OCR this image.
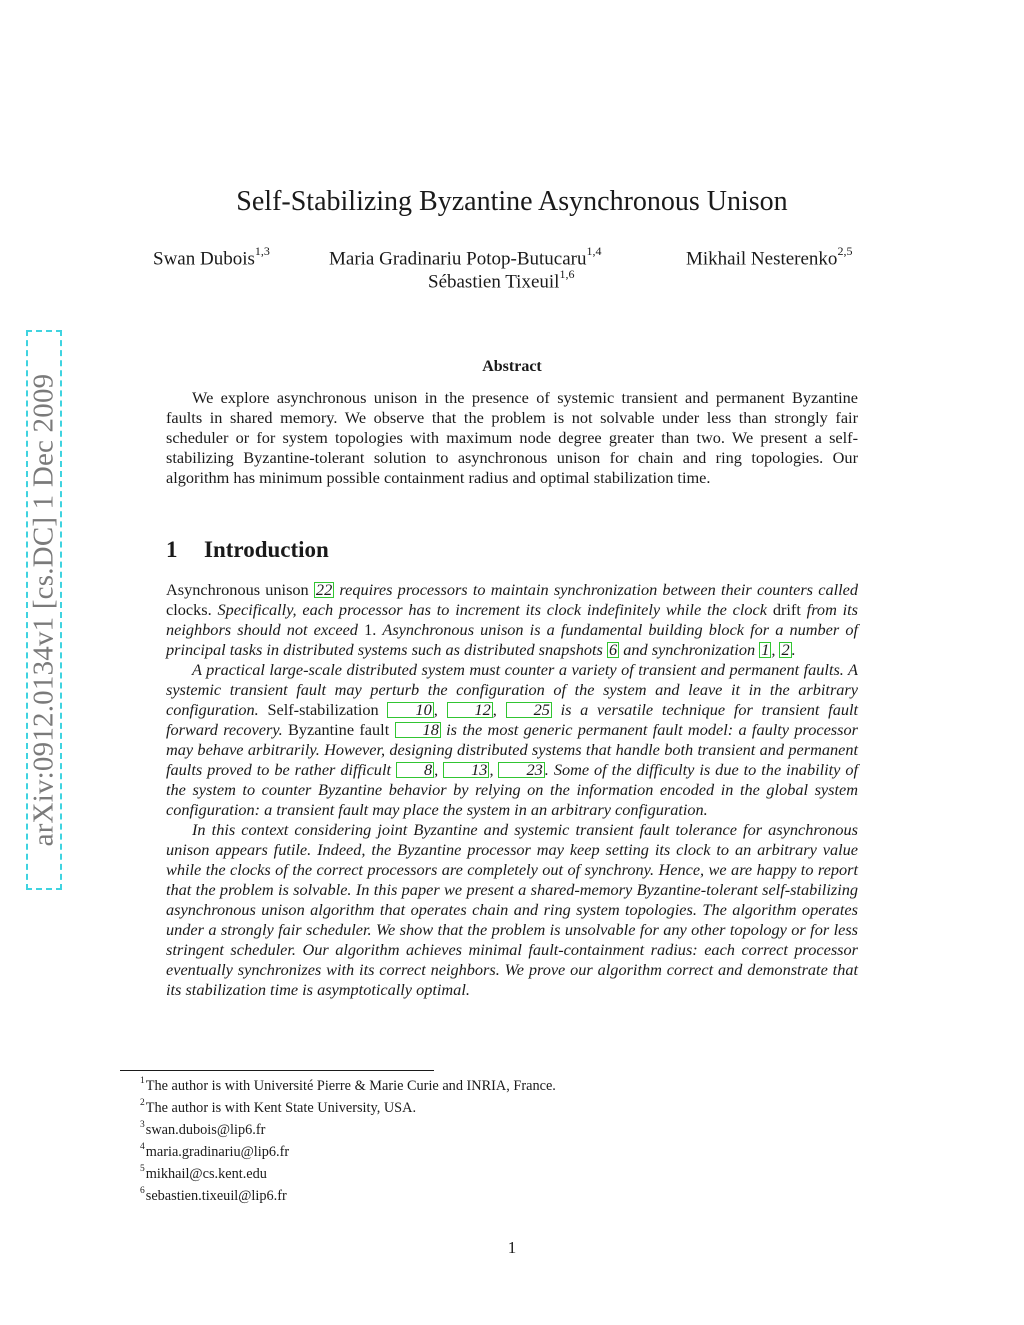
arXiv:0912.0134v1 [cs.DC] 1 Dec 2009
Self-Stabilizing Byzantine Asynchronous Unison
Swan Dubois$^{1,3}$	Maria Gradinariu Potop-Butucaru$^{1,4}$	Mikhail Nesterenko$^{2,5}$
Sébastien Tixeuil$^{1,6}$
Abstract
We explore asynchronous unison in the presence of systemic transient and permanent Byzantine faults in shared memory. We observe that the problem is not solvable under less than strongly fair scheduler or for system topologies with maximum node degree greater than two. We present a self-stabilizing Byzantine-tolerant solution to asynchronous unison for chain and ring topologies. Our algorithm has minimum possible containment radius and optimal stabilization time.
1 Introduction

Asynchronous unison 22 requires processors to maintain synchronization between their counters called clocks. Specifically, each processor has to increment its clock indefinitely while the clock drift from its neighbors should not exceed 1. Asynchronous unison is a fundamental building block for a number of principal tasks in distributed systems such as distributed snapshots 6 and synchronization 1 , 2 .

A practical large-scale distributed system must counter a variety of transient and permanent faults. A systemic transient fault may perturb the configuration of the system and leave it in the arbitrary configuration. Self-stabilization 10 , 12 , 25 is a versatile technique for transient fault forward recovery. Byzantine fault 18 is the most generic permanent fault model: a faulty processor may behave arbitrarily. However, designing distributed systems that handle both transient and permanent faults proved to be rather difficult 8 , 13 , 23 . Some of the difficulty is due to the inability of the system to counter Byzantine behavior by relying on the information encoded in the global system configuration: a transient fault may place the system in an arbitrary configuration.

In this context considering joint Byzantine and systemic transient fault tolerance for asynchronous unison appears futile. Indeed, the Byzantine processor may keep setting its clock to an arbitrary value while the clocks of the correct processors are completely out of synchrony. Hence, we are happy to report that the problem is solvable. In this paper we present a shared-memory Byzantine-tolerant self-stabilizing asynchronous unison algorithm that operates chain and ring system topologies. The algorithm operates under a strongly fair scheduler. We show that the problem is unsolvable for any other topology or for less stringent scheduler. Our algorithm achieves minimal fault-containment radius: each correct processor eventually synchronizes with its correct neighbors. We prove our algorithm correct and demonstrate that its stabilization time is asymptotically optimal.

$^1$The author is with Université Pierre & Marie Curie and INRIA, France.
$^2$The author is with Kent State University, USA.
$^3$swan.dubois@lip6.fr
$^4$maria.gradinariu@lip6.fr
$^5$mikhail@cs.kent.edu
$^6$sebastien.tixeuil@lip6.fr
1
